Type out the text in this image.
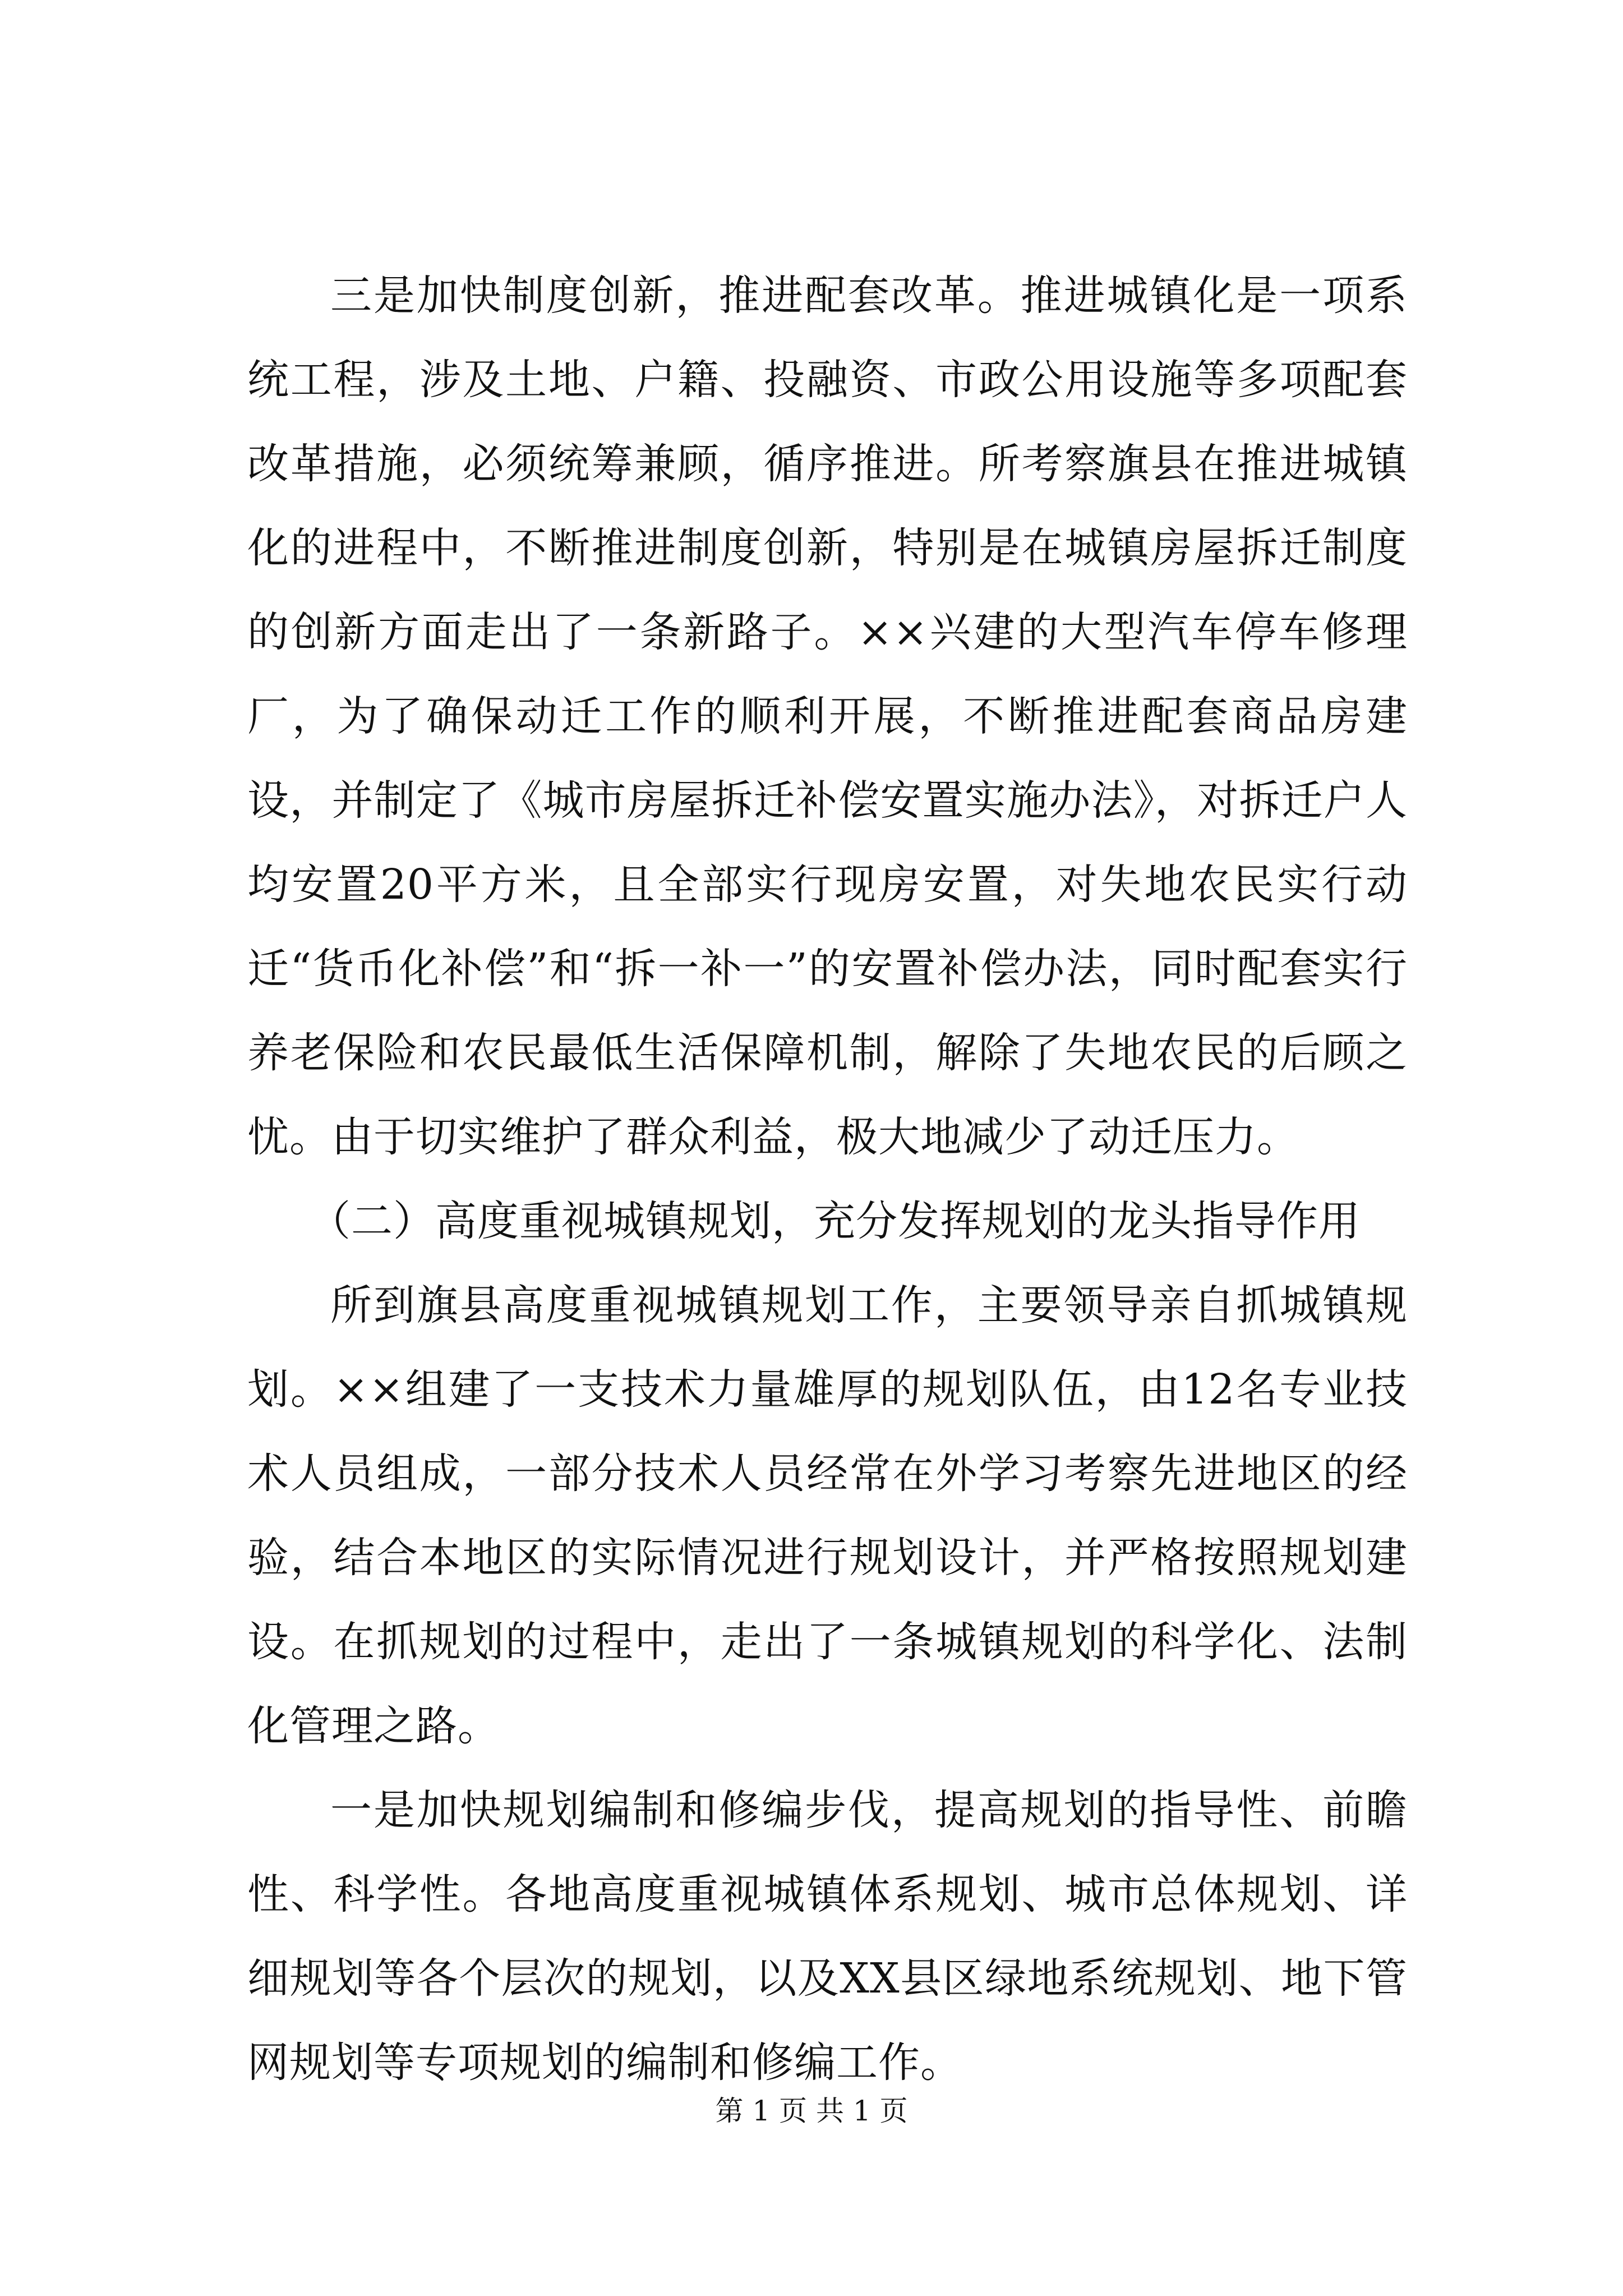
三是加快制度创新，推进配套改革。推进城镇化是一项系统工程，涉及土地、户籍、投融资、市政公用设施等多项配套改革措施，必须统筹兼顾，循序推进。所考察旗县在推进城镇化的进程中，不断推进制度创新，特别是在城镇房屋拆迁制度的创新方面走出了一条新路子。××兴建的大型汽车停车修理厂，为了确保动迁工作的顺利开展，不断推进配套商品房建设，并制定了《城市房屋拆迁补偿安置实施办法》，对拆迁户人均安置20平方米，且全部实行现房安置，对失地农民实行动迁“货币化补偿”和“拆一补一”的安置补偿办法，同时配套实行养老保险和农民最低生活保障机制，解除了失地农民的后顾之忧。由于切实维护了群众利益，极大地减少了动迁压力。

（二）高度重视城镇规划，充分发挥规划的龙头指导作用

所到旗县高度重视城镇规划工作，主要领导亲自抓城镇规划。××组建了一支技术力量雄厚的规划队伍，由12名专业技术人员组成，一部分技术人员经常在外学习考察先进地区的经验，结合本地区的实际情况进行规划设计，并严格按照规划建设。在抓规划的过程中，走出了一条城镇规划的科学化、法制化管理之路。

一是加快规划编制和修编步伐，提高规划的指导性、前瞻性、科学性。各地高度重视城镇体系规划、城市总体规划、详细规划等各个层次的规划，以及XX县区绿地系统规划、地下管网规划等专项规划的编制和修编工作。

第 1 页 共 1 页
